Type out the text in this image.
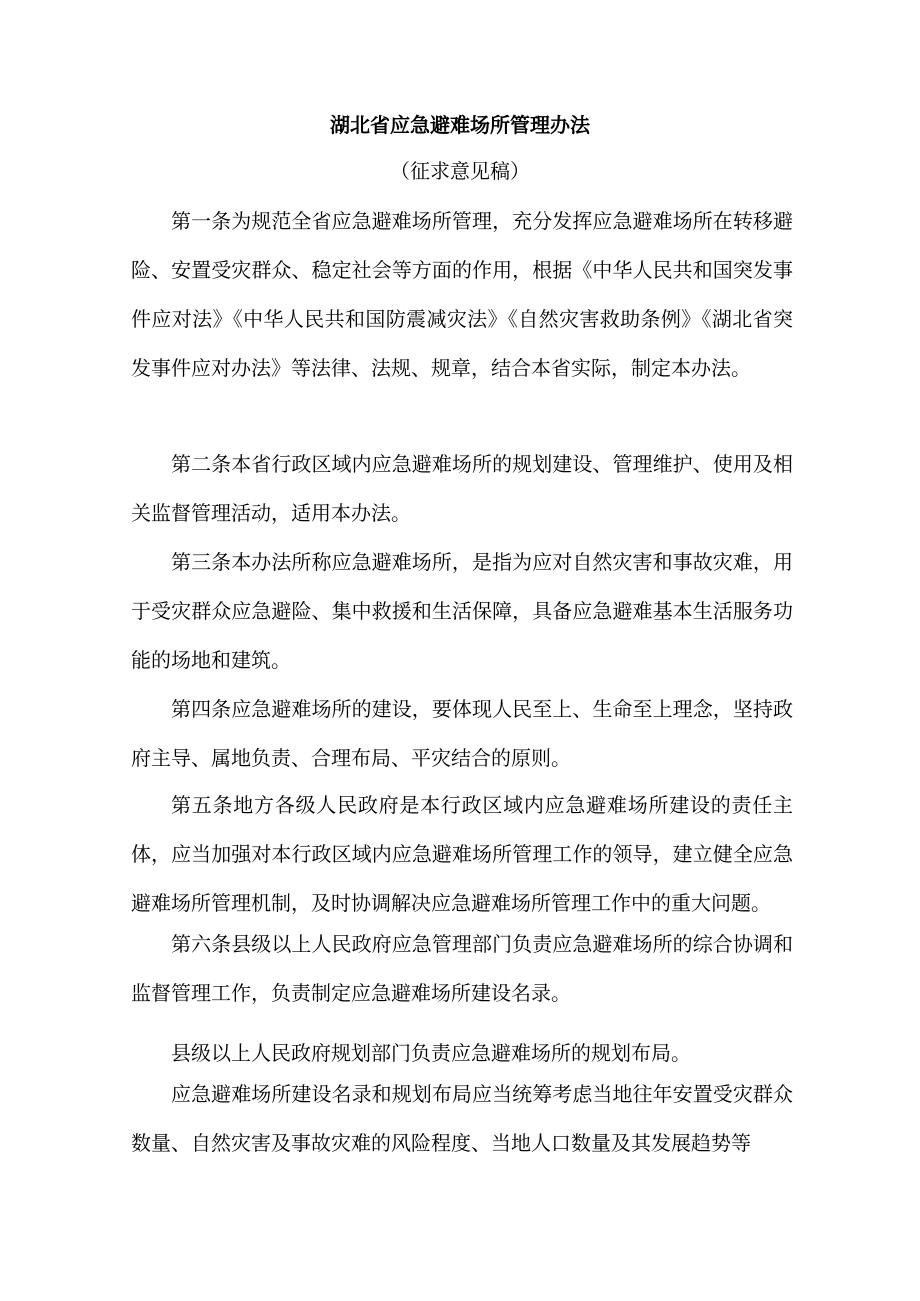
湖北省应急避难场所管理办法
（征求意见稿）

第一条为规范全省应急避难场所管理，充分发挥应急避难场所在转移避险、安置受灾群众、稳定社会等方面的作用，根据《中华人民共和国突发事件应对法》《中华人民共和国防震减灾法》《自然灾害救助条例》《湖北省突发事件应对办法》等法律、法规、规章，结合本省实际，制定本办法。

第二条本省行政区域内应急避难场所的规划建设、管理维护、使用及相关监督管理活动，适用本办法。

第三条本办法所称应急避难场所，是指为应对自然灾害和事故灾难，用于受灾群众应急避险、集中救援和生活保障，具备应急避难基本生活服务功能的场地和建筑。

第四条应急避难场所的建设，要体现人民至上、生命至上理念，坚持政府主导、属地负责、合理布局、平灾结合的原则。

第五条地方各级人民政府是本行政区域内应急避难场所建设的责任主体，应当加强对本行政区域内应急避难场所管理工作的领导，建立健全应急避难场所管理机制，及时协调解决应急避难场所管理工作中的重大问题。

第六条县级以上人民政府应急管理部门负责应急避难场所的综合协调和监督管理工作，负责制定应急避难场所建设名录。

县级以上人民政府规划部门负责应急避难场所的规划布局。

应急避难场所建设名录和规划布局应当统筹考虑当地往年安置受灾群众数量、自然灾害及事故灾难的风险程度、当地人口数量及其发展趋势等
